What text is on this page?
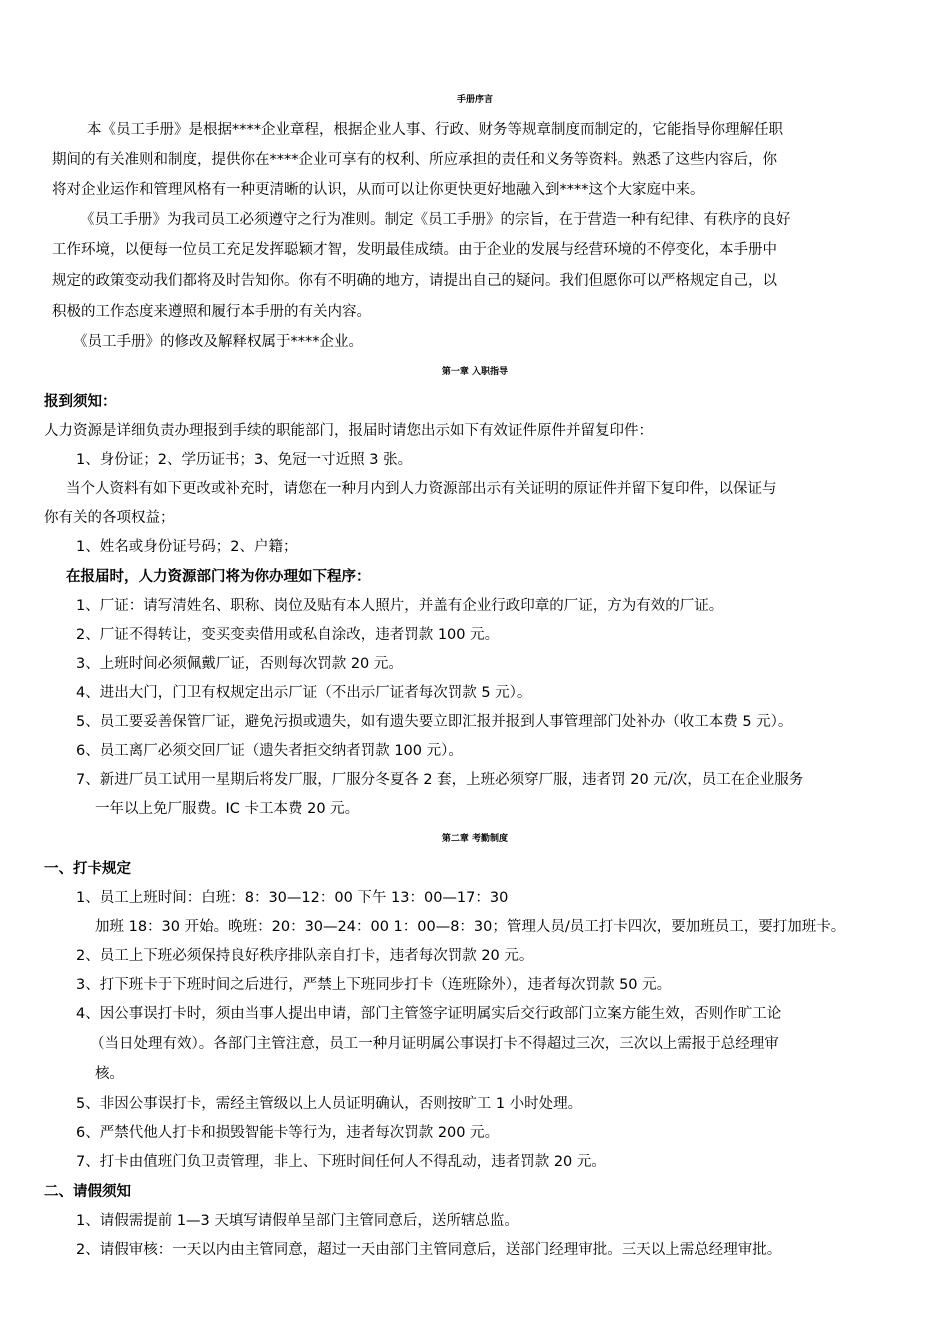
手册序言
本《员工手册》是根据****企业章程，根据企业人事、行政、财务等规章制度而制定的，它能指导你理解任职
期间的有关准则和制度，提供你在****企业可享有的权利、所应承担的责任和义务等资料。熟悉了这些内容后，你
将对企业运作和管理风格有一种更清晰的认识，从而可以让你更快更好地融入到****这个大家庭中来。
《员工手册》为我司员工必须遵守之行为准则。制定《员工手册》的宗旨，在于营造一种有纪律、有秩序的良好
工作环境，以便每一位员工充足发挥聪颖才智，发明最佳成绩。由于企业的发展与经营环境的不停变化，本手册中
规定的政策变动我们都将及时告知你。你有不明确的地方，请提出自己的疑问。我们但愿你可以严格规定自己，以
积极的工作态度来遵照和履行本手册的有关内容。
《员工手册》的修改及解释权属于****企业。
第一章 入职指导
报到须知：
人力资源是详细负责办理报到手续的职能部门，报届时请您出示如下有效证件原件并留复印件：
1、身份证；2、学历证书；3、免冠一寸近照 3 张。
当个人资料有如下更改或补充时，请您在一种月内到人力资源部出示有关证明的原证件并留下复印件，以保证与
你有关的各项权益；
1、姓名或身份证号码；2、户籍；
在报届时，人力资源部门将为你办理如下程序：
1、厂证：请写清姓名、职称、岗位及贴有本人照片，并盖有企业行政印章的厂证，方为有效的厂证。
2、厂证不得转让，变买变卖借用或私自涂改，违者罚款 100 元。
3、上班时间必须佩戴厂证，否则每次罚款 20 元。
4、进出大门，门卫有权规定出示厂证（不出示厂证者每次罚款 5 元）。
5、员工要妥善保管厂证，避免污损或遗失，如有遗失要立即汇报并报到人事管理部门处补办（收工本费 5 元）。
6、员工离厂必须交回厂证（遗失者拒交纳者罚款 100 元）。
7、新进厂员工试用一星期后将发厂服，厂服分冬夏各 2 套，上班必须穿厂服，违者罚 20 元/次，员工在企业服务
一年以上免厂服费。IC 卡工本费 20 元。
第二章 考勤制度
一、打卡规定
1、员工上班时间：白班：8：30—12：00 下午 13：00—17：30
加班 18：30 开始。晚班：20：30—24：00 1：00—8：30；管理人员/员工打卡四次，要加班员工，要打加班卡。
2、员工上下班必须保持良好秩序排队亲自打卡，违者每次罚款 20 元。
3、打下班卡于下班时间之后进行，严禁上下班同步打卡（连班除外），违者每次罚款 50 元。
4、因公事误打卡时，须由当事人提出申请，部门主管签字证明属实后交行政部门立案方能生效，否则作旷工论
（当日处理有效）。各部门主管注意，员工一种月证明属公事误打卡不得超过三次，三次以上需报于总经理审
核。
5、非因公事误打卡，需经主管级以上人员证明确认，否则按旷工 1 小时处理。
6、严禁代他人打卡和损毁智能卡等行为，违者每次罚款 200 元。
7、打卡由值班门负卫责管理，非上、下班时间任何人不得乱动，违者罚款 20 元。
二、请假须知
1、请假需提前 1—3 天填写请假单呈部门主管同意后，送所辖总监。
2、请假审核：一天以内由主管同意，超过一天由部门主管同意后，送部门经理审批。三天以上需总经理审批。
